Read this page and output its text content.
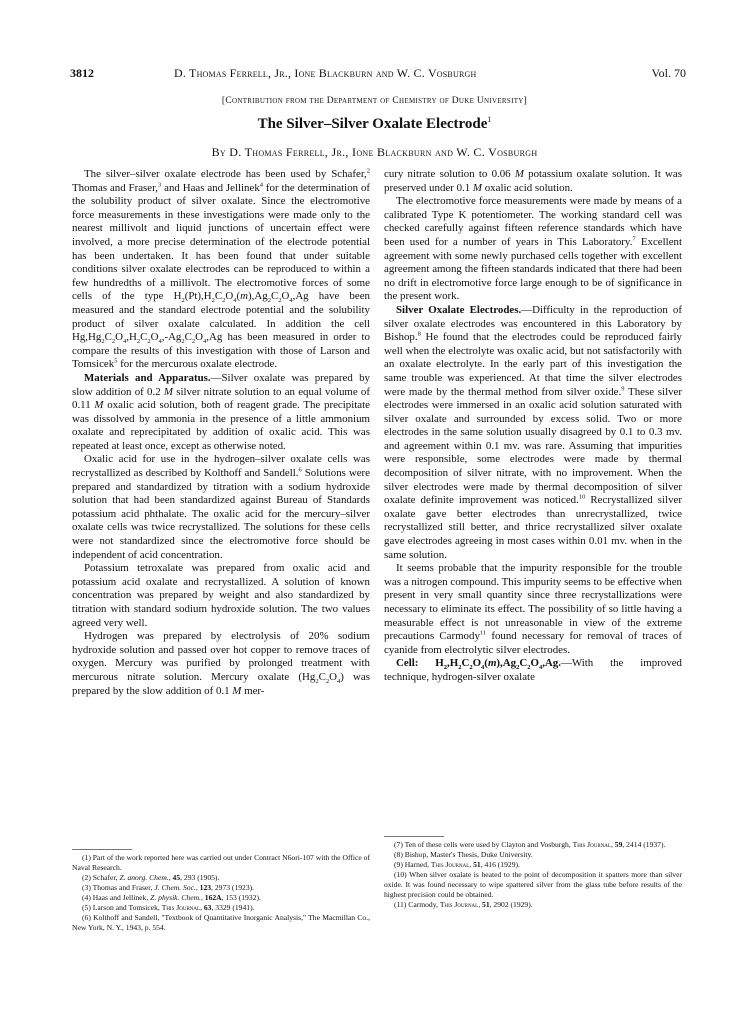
3812	D. Thomas Ferrell, Jr., Ione Blackburn and W. C. Vosburgh	Vol. 70
[Contribution from the Department of Chemistry of Duke University]
The Silver–Silver Oxalate Electrode$^1$
By D. Thomas Ferrell, Jr., Ione Blackburn and W. C. Vosburgh

The silver–silver oxalate electrode has been used by Schafer,$^2$ Thomas and Fraser,$^3$ and Haas and Jellinek$^4$ for the determination of the solubility product of silver oxalate. Since the electromotive force measurements in these investigations were made only to the nearest millivolt and liquid junctions of uncertain effect were involved, a more precise determination of the electrode potential has been undertaken. It has been found that under suitable conditions silver oxalate electrodes can be reproduced to within a few hundredths of a millivolt. The electromotive forces of some cells of the type $H_2(Pt),H_2C_2O_4(m),Ag_2C_2O_4,Ag$ have been measured and the standard electrode potential and the solubility product of silver oxalate calculated. In addition the cell $Hg,Hg_2C_2O_4,H_2C_2O_4,-Ag_2C_2O_4,Ag$ has been measured in order to compare the results of this investigation with those of Larson and Tomsicek$^5$ for the mercurous oxalate electrode.

Materials and Apparatus.—Silver oxalate was prepared by slow addition of 0.2 M silver nitrate solution to an equal volume of 0.11 M oxalic acid solution, both of reagent grade. The precipitate was dissolved by ammonia in the presence of a little ammonium oxalate and reprecipitated by addition of oxalic acid. This was repeated at least once, except as otherwise noted.

Oxalic acid for use in the hydrogen–silver oxalate cells was recrystallized as described by Kolthoff and Sandell.$^6$ Solutions were prepared and standardized by titration with a sodium hydroxide solution that had been standardized against Bureau of Standards potassium acid phthalate. The oxalic acid for the mercury–silver oxalate cells was twice recrystallized. The solutions for these cells were not standardized since the electromotive force should be independent of acid concentration.

Potassium tetroxalate was prepared from oxalic acid and potassium acid oxalate and recrystallized. A solution of known concentration was prepared by weight and also standardized by titration with standard sodium hydroxide solution. The two values agreed very well.

Hydrogen was prepared by electrolysis of 20% sodium hydroxide solution and passed over hot copper to remove traces of oxygen. Mercury was purified by prolonged treatment with mercurous nitrate solution. Mercury oxalate $(Hg_2C_2O_4)$ was prepared by the slow addition of 0.1 M mer-

cury nitrate solution to 0.06 M potassium oxalate solution. It was preserved under 0.1 M oxalic acid solution.

The electromotive force measurements were made by means of a calibrated Type K potentiometer. The working standard cell was checked carefully against fifteen reference standards which have been used for a number of years in This Laboratory.$^7$ Excellent agreement with some newly purchased cells together with excellent agreement among the fifteen standards indicated that there had been no drift in electromotive force large enough to be of significance in the present work.

Silver Oxalate Electrodes.—Difficulty in the reproduction of silver oxalate electrodes was encountered in this Laboratory by Bishop.$^8$ He found that the electrodes could be reproduced fairly well when the electrolyte was oxalic acid, but not satisfactorily with an oxalate electrolyte. In the early part of this investigation the same trouble was experienced. At that time the silver electrodes were made by the thermal method from silver oxide.$^9$ These silver electrodes were immersed in an oxalic acid solution saturated with silver oxalate and surrounded by excess solid. Two or more electrodes in the same solution usually disagreed by 0.1 to 0.3 mv. and agreement within 0.1 mv. was rare. Assuming that impurities were responsible, some electrodes were made by thermal decomposition of silver nitrate, with no improvement. When the silver electrodes were made by thermal decomposition of silver oxalate definite improvement was noticed.$^{10}$ Recrystallized silver oxalate gave better electrodes than unrecrystallized, twice recrystallized still better, and thrice recrystallized silver oxalate gave electrodes agreeing in most cases within 0.01 mv. when in the same solution.

It seems probable that the impurity responsible for the trouble was a nitrogen compound. This impurity seems to be effective when present in very small quantity since three recrystallizations were necessary to eliminate its effect. The possibility of so little having a measurable effect is not unreasonable in view of the extreme precautions Carmody$^{11}$ found necessary for removal of traces of cyanide from electrolytic silver electrodes.

Cell: $H_2,H_2C_2O_4(m),Ag_2C_2O_4,Ag.—With$ the improved technique, hydrogen-silver oxalate

(1) Part of the work reported here was carried out under Contract N6ori-107 with the Office of Naval Research.

(2) Schafer, Z. anorg. Chem., 45, 293 (1905).

(3) Thomas and Fraser, J. Chem. Soc., 123, 2973 (1923).

(4) Haas and Jellinek, Z. physik. Chem., 162A, 153 (1932).

(5) Larson and Tomsicek, This Journal, 63, 3329 (1941).

(6) Kolthoff and Sandell, "Textbook of Quantitative Inorganic Analysis," The Macmillan Co., New York, N. Y., 1943, p. 554.

(7) Ten of these cells were used by Clayton and Vosburgh, This Journal, 59, 2414 (1937).

(8) Bishop, Master's Thesis, Duke University.

(9) Harned, This Journal, 51, 416 (1929).

(10) When silver oxalate is heated to the point of decomposition it spatters more than silver oxide. It was found necessary to wipe spattered silver from the glass tube before results of the highest precision could be obtained.

(11) Carmody, This Journal, 51, 2902 (1929).
